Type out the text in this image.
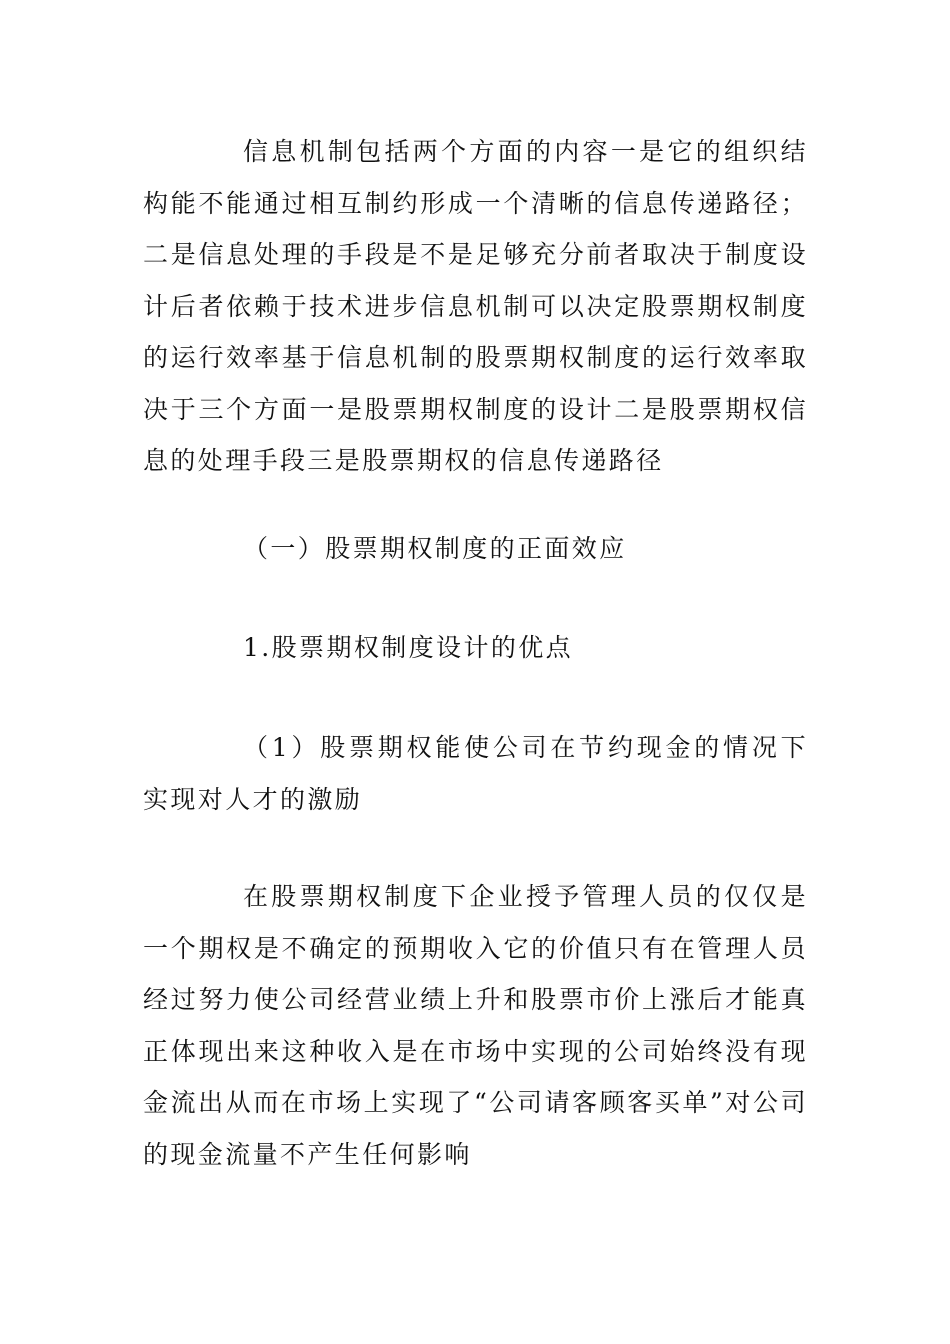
信息机制包括两个方面的内容一是它的组织结构能不能通过相互制约形成一个清晰的信息传递路径；二是信息处理的手段是不是足够充分前者取决于制度设计后者依赖于技术进步信息机制可以决定股票期权制度的运行效率基于信息机制的股票期权制度的运行效率取决于三个方面一是股票期权制度的设计二是股票期权信息的处理手段三是股票期权的信息传递路径

（一）股票期权制度的正面效应

1.股票期权制度设计的优点

（1）股票期权能使公司在节约现金的情况下实现对人才的激励

在股票期权制度下企业授予管理人员的仅仅是一个期权是不确定的预期收入它的价值只有在管理人员经过努力使公司经营业绩上升和股票市价上涨后才能真正体现出来这种收入是在市场中实现的公司始终没有现金流出从而在市场上实现了“公司请客顾客买单”对公司的现金流量不产生任何影响
